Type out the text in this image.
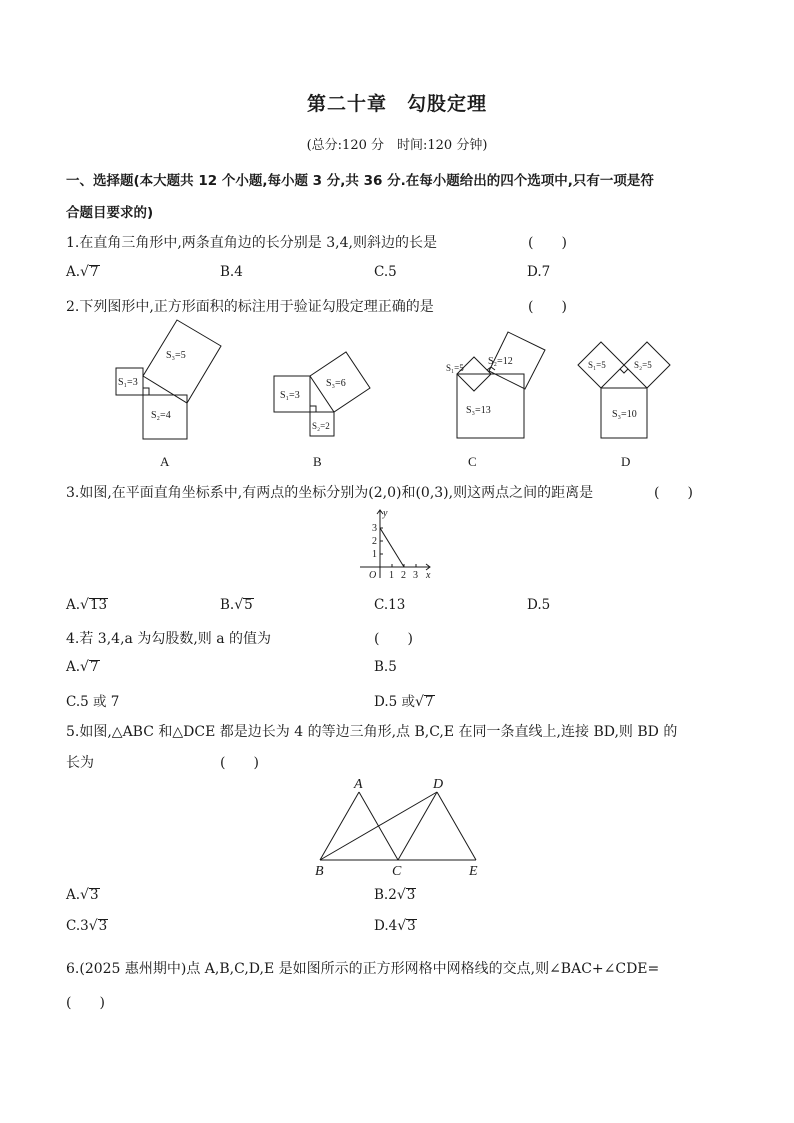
第二十章　勾股定理
(总分:120 分　时间:120 分钟)
一、选择题(本大题共 12 个小题,每小题 3 分,共 36 分.在每小题给出的四个选项中,只有一项是符
合题目要求的)
1.在直角三角形中,两条直角边的长分别是 3,4,则斜边的长是	(　　)
A.√7	B.4	C.5	D.7
2.下列图形中,正方形面积的标注用于验证勾股定理正确的是	(　　)
S₁=3
S₂=4
S₃=5
A
S₁=3
S₂=2
S₃=6
B
S₁=5
S₂=12
S₃=13
C
S₁=5	S₂=5
S₃=10
D
3.如图,在平面直角坐标系中,有两点的坐标分别为(2,0)和(0,3),则这两点之间的距离是	(　　)
y
x
O
1
2
3
1 2 3
A.√13	B.√5	C.13	D.5
4.若 3,4,a 为勾股数,则 a 的值为	(　　)
A.√7	B.5
C.5 或 7	D.5 或√7
5.如图,△ABC 和△DCE 都是边长为 4 的等边三角形,点 B,C,E 在同一条直线上,连接 BD,则 BD 的
长为	(　　)
A
B	C
D
E
A.√3	B.2√3
C.3√3	D.4√3
6.(2025 惠州期中)点 A,B,C,D,E 是如图所示的正方形网格中网格线的交点,则∠BAC+∠CDE=
(　　)
